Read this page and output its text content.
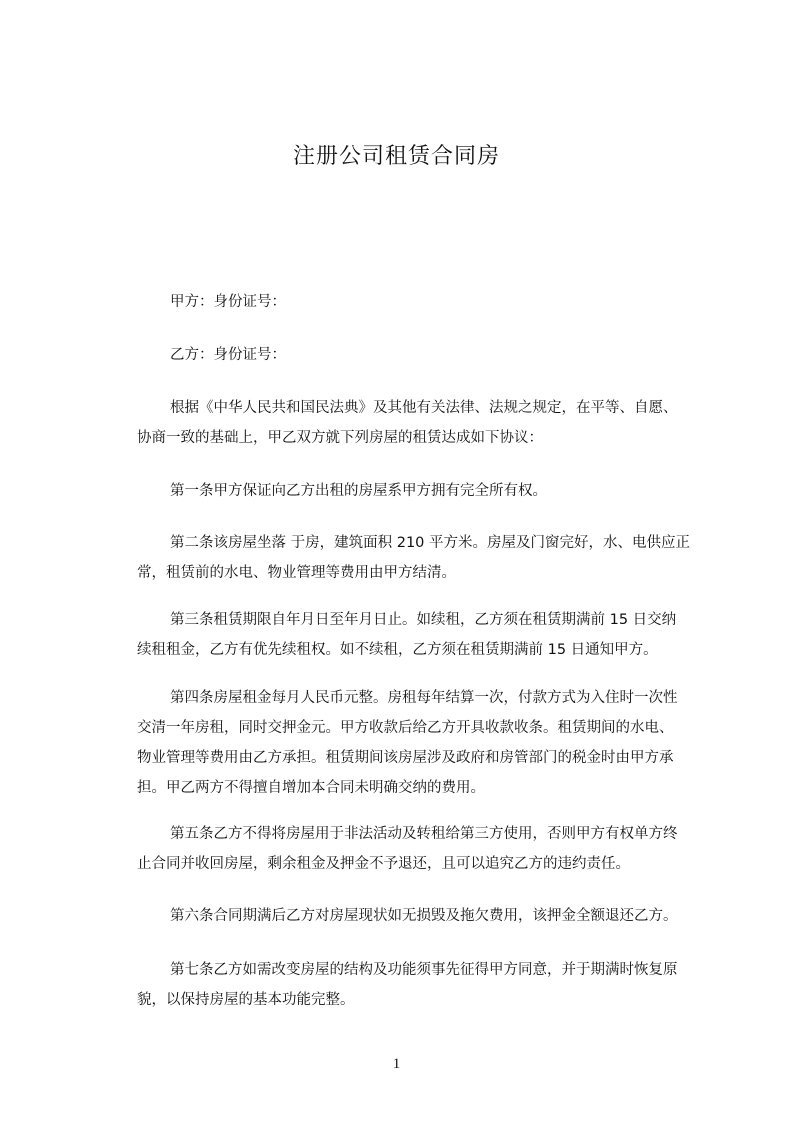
注册公司租赁合同房
甲方：身份证号：
乙方：身份证号：
根据《中华人民共和国民法典》及其他有关法律、法规之规定，在平等、自愿、
协商一致的基础上，甲乙双方就下列房屋的租赁达成如下协议：
第一条甲方保证向乙方出租的房屋系甲方拥有完全所有权。
第二条该房屋坐落 于房，建筑面积 210 平方米。房屋及门窗完好，水、电供应正
常，租赁前的水电、物业管理等费用由甲方结清。
第三条租赁期限自年月日至年月日止。如续租，乙方须在租赁期满前 15 日交纳
续租租金，乙方有优先续租权。如不续租，乙方须在租赁期满前 15 日通知甲方。
第四条房屋租金每月人民币元整。房租每年结算一次，付款方式为入住时一次性
交清一年房租，同时交押金元。甲方收款后给乙方开具收款收条。租赁期间的水电、
物业管理等费用由乙方承担。租赁期间该房屋涉及政府和房管部门的税金时由甲方承
担。甲乙两方不得擅自增加本合同未明确交纳的费用。
第五条乙方不得将房屋用于非法活动及转租给第三方使用，否则甲方有权单方终
止合同并收回房屋，剩余租金及押金不予退还，且可以追究乙方的违约责任。
第六条合同期满后乙方对房屋现状如无损毁及拖欠费用，该押金全额退还乙方。
第七条乙方如需改变房屋的结构及功能须事先征得甲方同意，并于期满时恢复原
貌，以保持房屋的基本功能完整。
1
